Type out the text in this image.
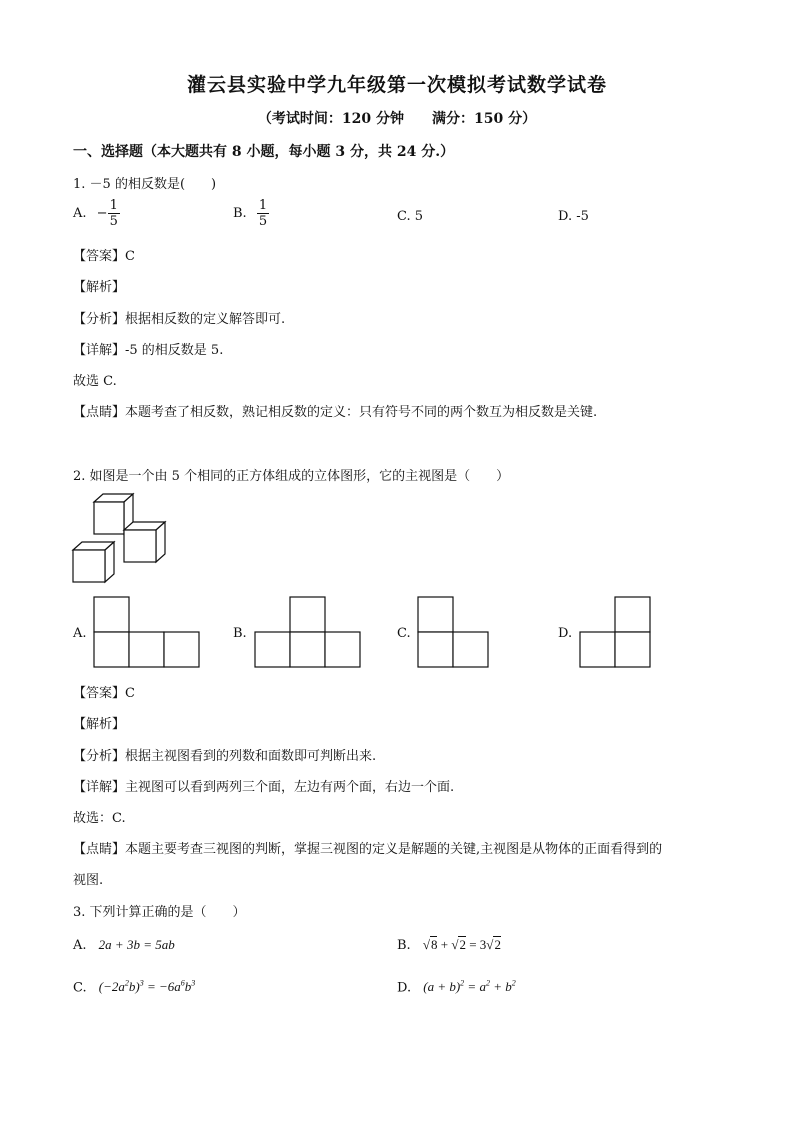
灌云县实验中学九年级第一次模拟考试数学试卷
（考试时间：120 分钟　　满分：150 分）
一、选择题（本大题共有 8 小题，每小题 3 分，共 24 分.）
1. －5 的相反数是(　　)
A. − $\frac{1}{5}$	B. $\frac{1}{5}$	C. 5	D. -5
【答案】C
【解析】
【分析】根据相反数的定义解答即可.
【详解】-5 的相反数是 5.
故选 C.
【点睛】本题考查了相反数，熟记相反数的定义：只有符号不同的两个数互为相反数是关键.
2. 如图是一个由 5 个相同的正方体组成的立体图形，它的主视图是（　　）
A.	B.	C.	D.
【答案】C
【解析】
【分析】根据主视图看到的列数和面数即可判断出来.
【详解】主视图可以看到两列三个面，左边有两个面，右边一个面.
故选：C.
【点睛】本题主要考查三视图的判断，掌握三视图的定义是解题的关键,主视图是从物体的正面看得到的
视图.
3. 下列计算正确的是（　　）
A. 2a + 3b = 5ab	B. √8 + √2 = 3√2
C. $(-2a^2b)^3 = -6a^6b^3$	D. $(a + b)^2 = a^2 + b^2$
